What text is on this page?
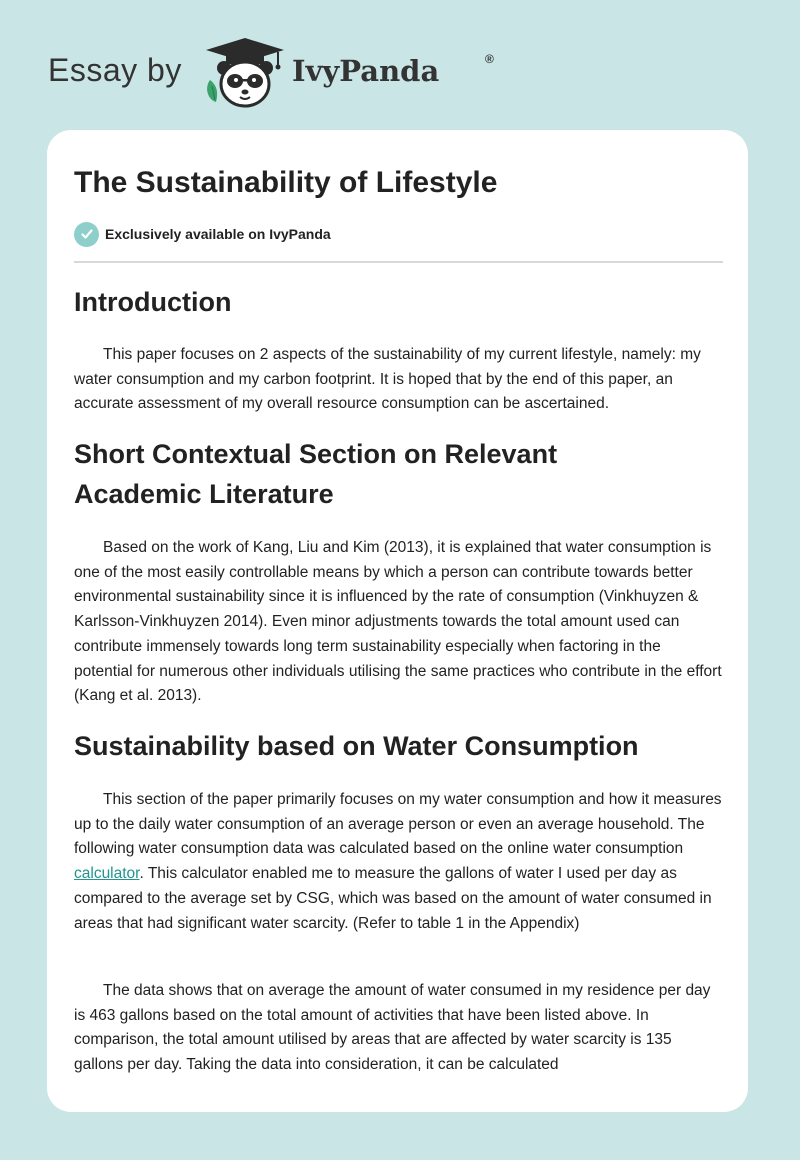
Essay by	IvyPanda	®
The Sustainability of Lifestyle
Exclusively available on IvyPanda
Introduction

This paper focuses on 2 aspects of the sustainability of my current lifestyle, namely: my water consumption and my carbon footprint. It is hoped that by the end of this paper, an accurate assessment of my overall resource consumption can be ascertained.

Short Contextual Section on Relevant Academic Literature

Based on the work of Kang, Liu and Kim (2013), it is explained that water consumption is one of the most easily controllable means by which a person can contribute towards better environmental sustainability since it is influenced by the rate of consumption (Vinkhuyzen & Karlsson-Vinkhuyzen 2014). Even minor adjustments towards the total amount used can contribute immensely towards long term sustainability especially when factoring in the potential for numerous other individuals utilising the same practices who contribute in the effort (Kang et al. 2013).

Sustainability based on Water Consumption

This section of the paper primarily focuses on my water consumption and how it measures up to the daily water consumption of an average person or even an average household. The following water consumption data was calculated based on the online water consumption calculator. This calculator enabled me to measure the gallons of water I used per day as compared to the average set by CSG, which was based on the amount of water consumed in areas that had significant water scarcity. (Refer to table 1 in the Appendix)

The data shows that on average the amount of water consumed in my residence per day is 463 gallons based on the total amount of activities that have been listed above. In comparison, the total amount utilised by areas that are affected by water scarcity is 135 gallons per day. Taking the data into consideration, it can be calculated
